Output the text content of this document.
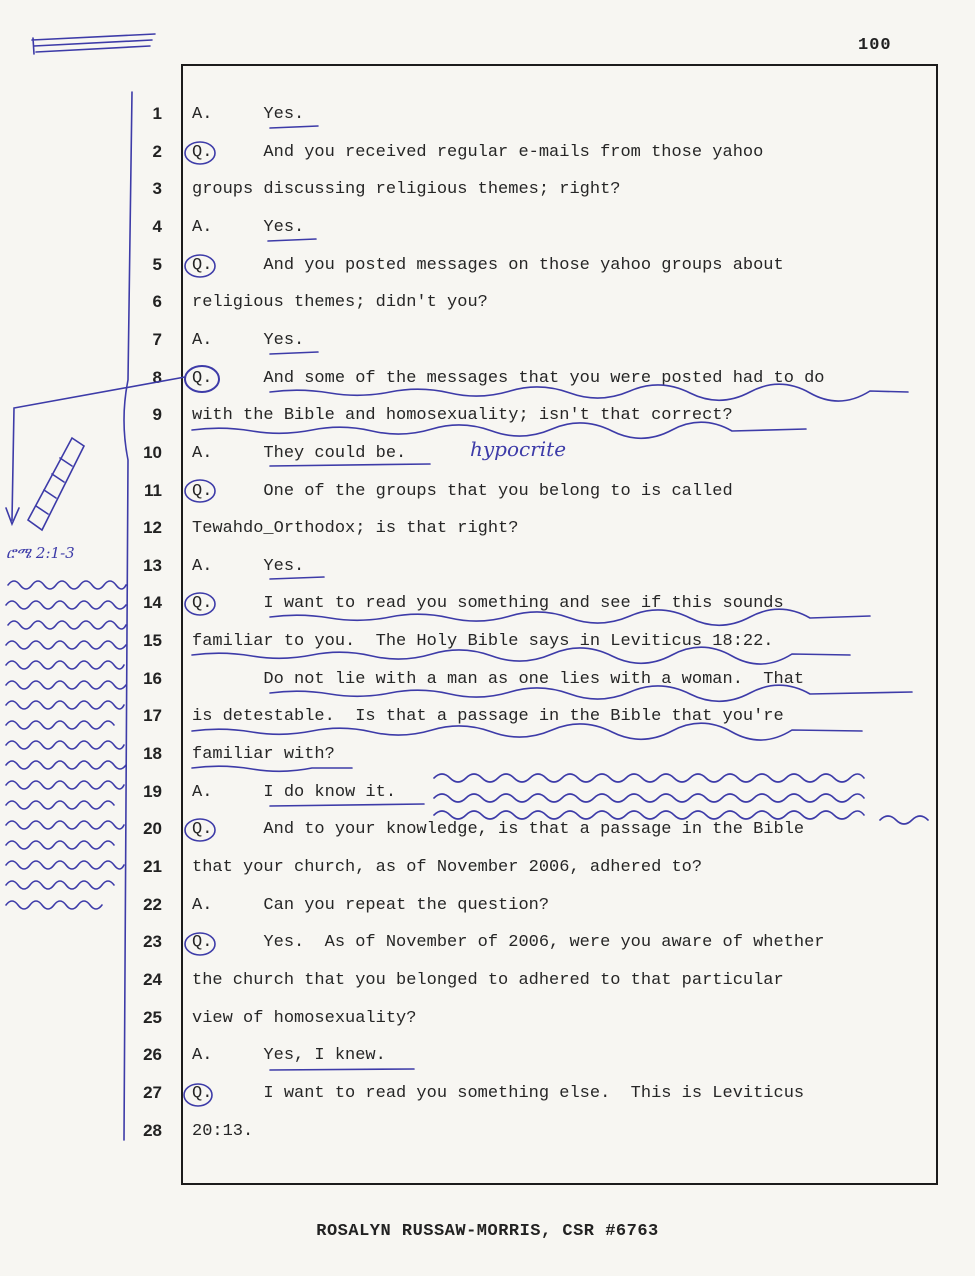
100
1 A.     Yes.
2 Q.     And you received regular e-mails from those yahoo
3 groups discussing religious themes; right?
4 A.     Yes.
5 Q.     And you posted messages on those yahoo groups about
6 religious themes; didn't you?
7 A.     Yes.
8 Q.     And some of the messages that you were posted had to do
9 with the Bible and homosexuality; isn't that correct?
10 A.     They could be.
11 Q.     One of the groups that you belong to is called
12 Tewahdo_Orthodox; is that right?
13 A.     Yes.
14 Q.     I want to read you something and see if this sounds
15 familiar to you.  The Holy Bible says in Leviticus 18:22.
16 Do not lie with a man as one lies with a woman.  That
17 is detestable.  Is that a passage in the Bible that you're
18 familiar with?
19 A.     I do know it.
20 Q.     And to your knowledge, is that a passage in the Bible
21 that your church, as of November 2006, adhered to?
22 A.     Can you repeat the question?
23 Q.     Yes.  As of November of 2006, were you aware of whether
24 the church that you belonged to adhered to that particular
25 view of homosexuality?
26 A.     Yes, I knew.
27 Q.     I want to read you something else.  This is Leviticus
28 20:13.
hypocrite
ሮሜ 2:1-3
ROSALYN RUSSAW-MORRIS, CSR #6763
